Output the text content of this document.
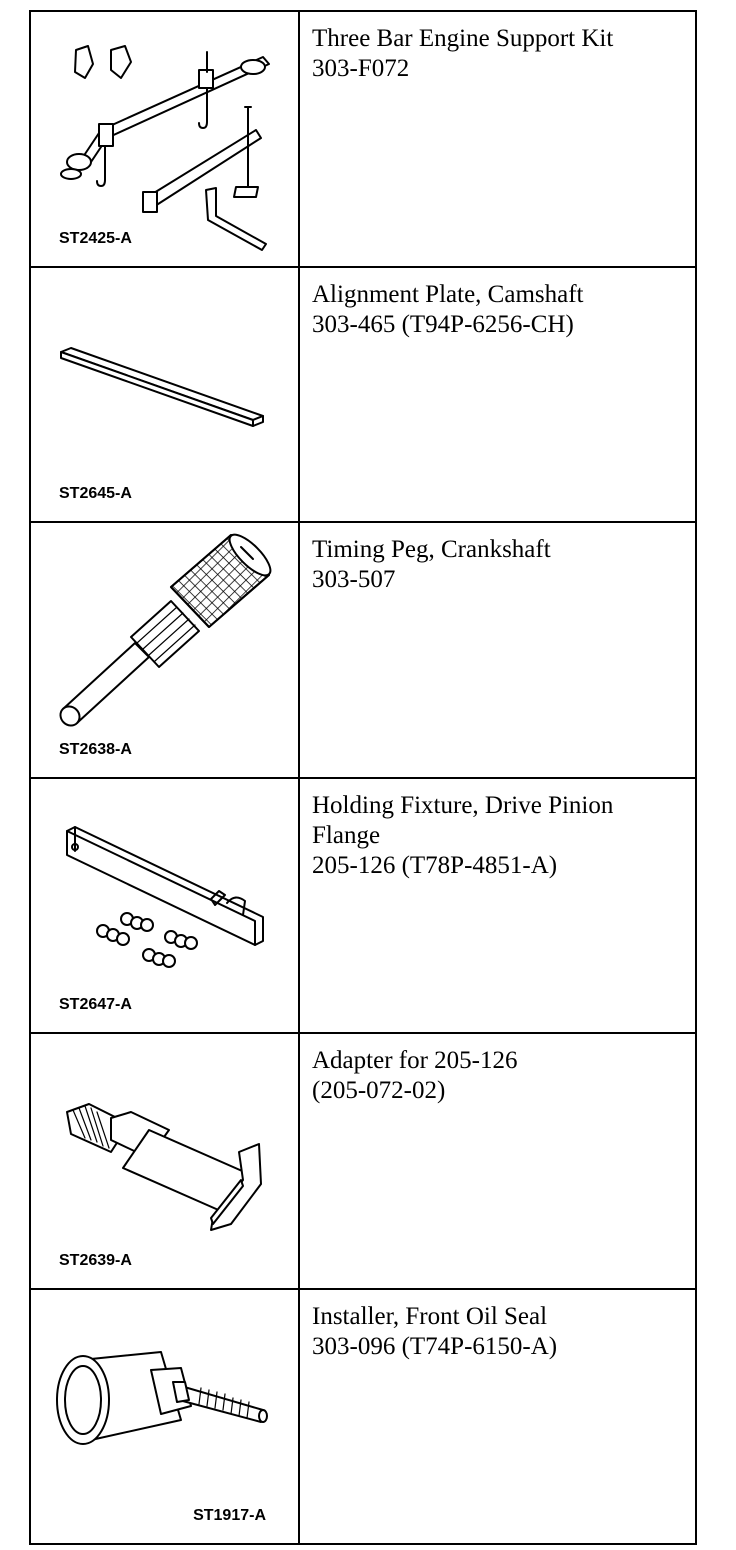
ST2425-A	Three Bar Engine Support Kit
303-F072

ST2645-A	Alignment Plate, Camshaft
303-465 (T94P-6256-CH)

ST2638-A	Timing Peg, Crankshaft
303-507

ST2647-A	Holding Fixture, Drive Pinion
Flange
205-126 (T78P-4851-A)

ST2639-A	Adapter for 205-126
(205-072-02)

ST1917-A	Installer, Front Oil Seal
303-096 (T74P-6150-A)
